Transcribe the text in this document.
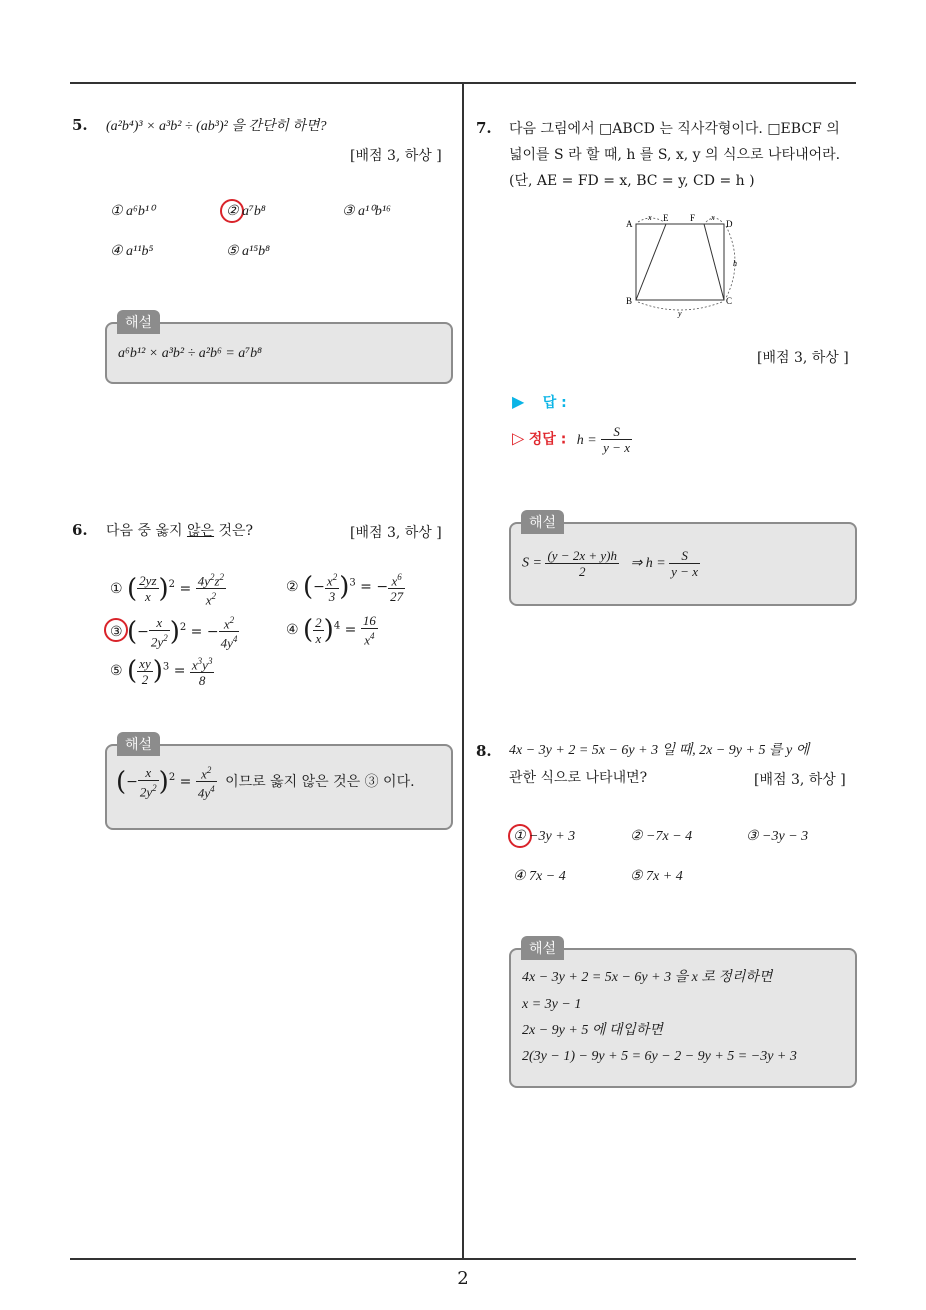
2
5. (a²b⁴)³ × a³b² ÷ (ab³)² 을 간단히 하면?
[배점 3, 하상 ]
① a⁶b¹⁰	② a⁷b⁸	③ a¹⁰b¹⁶
④ a¹¹b⁵	⑤ a¹⁵b⁸
해설
a⁶b¹² × a³b² ÷ a²b⁶ = a⁷b⁸
6. 다음 중 옳지 않은 것은?	[배점 3, 하상 ]
① ( $\frac{2yz}{x} )^2 = \frac{4y^2z^2}{x^2}$	② (− $\frac{x^2}{3} )^3$ = − $\frac{x^6}{27}$
③ (− $\frac{x}{2y^2} )^2$ = − $\frac{x^2}{4y^4}$	④ ( $\frac{2}{x} )^4 = \frac{16}{x^4}$
⑤ ( $\frac{xy}{2} )^3 = \frac{x^3y^3}{8}$
해설
(− $\frac{x}{2y^2} )^2 = \frac{x^2}{4y^4}$ 이므로 옳지 않은 것은 ③ 이다.
7. 다음 그림에서 □ABCD 는 직사각형이다. □EBCF 의
넓이를 S 라 할 때, h 를 S, x, y 의 식으로 나타내어라.
(단, AE = FD = x, BC = y, CD = h )
A
E F
D
B	C
x	x
y
h
[배점 3, 하상 ]
▶ 답 :
▷ 정답 : $h = \frac{S}{y - x}$
해설
$S = \frac{(y - 2x + y)h}{2}$ ⇒ $h = \frac{S}{y - x}$
8. 4x − 3y + 2 = 5x − 6y + 3 일 때, 2x − 9y + 5 를 y 에
관한 식으로 나타내면?	[배점 3, 하상 ]
① −3y + 3	② −7x − 4	③ −3y − 3
④ 7x − 4	⑤ 7x + 4
해설
4x − 3y + 2 = 5x − 6y + 3 을 x 로 정리하면
x = 3y − 1
2x − 9y + 5 에 대입하면
2(3y − 1) − 9y + 5 = 6y − 2 − 9y + 5 = −3y + 3
